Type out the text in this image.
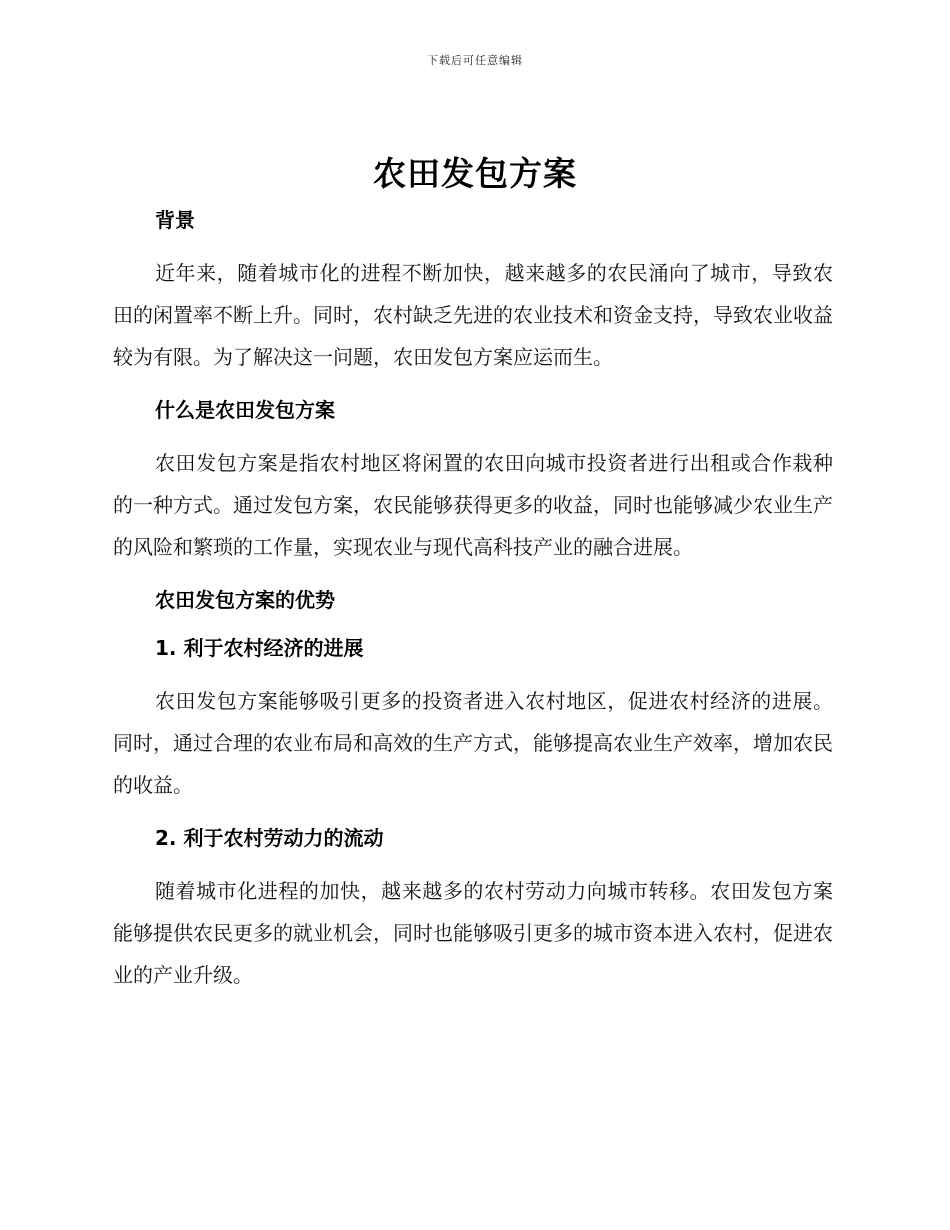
下载后可任意编辑
农田发包方案

背景

近年来，随着城市化的进程不断加快，越来越多的农民涌向了城市，导致农田的闲置率不断上升。同时，农村缺乏先进的农业技术和资金支持，导致农业收益较为有限。为了解决这一问题，农田发包方案应运而生。

什么是农田发包方案

农田发包方案是指农村地区将闲置的农田向城市投资者进行出租或合作栽种的一种方式。通过发包方案，农民能够获得更多的收益，同时也能够减少农业生产的风险和繁琐的工作量，实现农业与现代高科技产业的融合进展。

农田发包方案的优势

1. 利于农村经济的进展

农田发包方案能够吸引更多的投资者进入农村地区，促进农村经济的进展。同时，通过合理的农业布局和高效的生产方式，能够提高农业生产效率，增加农民的收益。

2. 利于农村劳动力的流动

随着城市化进程的加快，越来越多的农村劳动力向城市转移。农田发包方案能够提供农民更多的就业机会，同时也能够吸引更多的城市资本进入农村，促进农业的产业升级。
